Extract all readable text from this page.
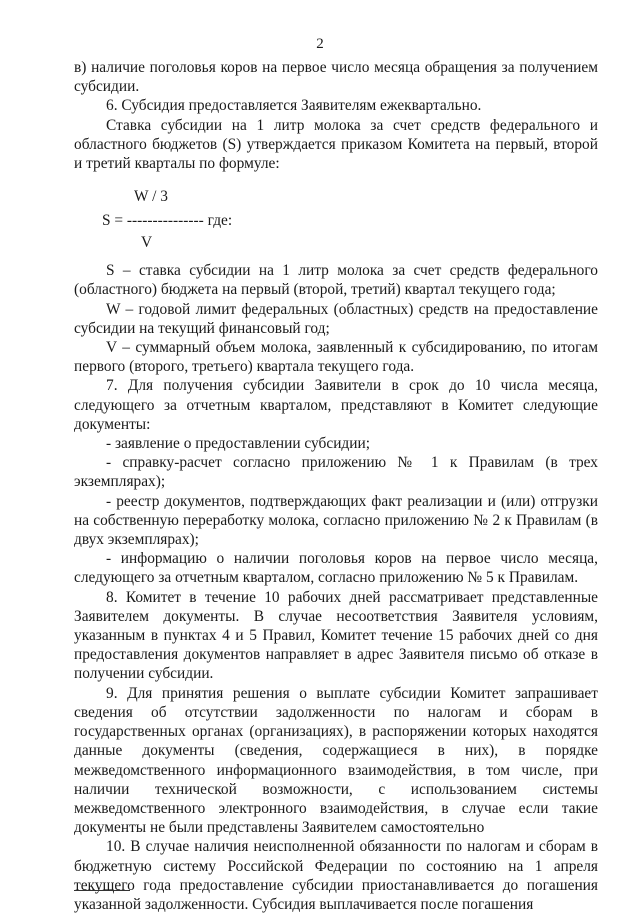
2

в) наличие поголовья коров на первое число месяца обращения за получением субсидии.

6. Субсидия предоставляется Заявителям ежеквартально.

Ставка субсидии на 1 литр молока за счет средств федерального и областного бюджетов (S) утверждается приказом Комитета на первый, второй и третий кварталы по формуле:

W / 3
S = --------------- где:
V

S – ставка субсидии на 1 литр молока за счет средств федерального (областного) бюджета на первый (второй, третий) квартал текущего года;

W – годовой лимит федеральных (областных) средств на предоставление субсидии на текущий финансовый год;

V – суммарный объем молока, заявленный к субсидированию, по итогам первого (второго, третьего) квартала текущего года.

7. Для получения субсидии Заявители в срок до 10 числа месяца, следующего за отчетным кварталом, представляют в Комитет следующие документы:

- заявление о предоставлении субсидии;

- справку-расчет согласно приложению № 1 к Правилам (в трех экземплярах);

- реестр документов, подтверждающих факт реализации и (или) отгрузки на собственную переработку молока, согласно приложению № 2 к Правилам (в двух экземплярах);

- информацию о наличии поголовья коров на первое число месяца, следующего за отчетным кварталом, согласно приложению № 5 к Правилам.

8. Комитет в течение 10 рабочих дней рассматривает представленные Заявителем документы. В случае несоответствия Заявителя условиям, указанным в пунктах 4 и 5 Правил, Комитет течение 15 рабочих дней со дня предоставления документов направляет в адрес Заявителя письмо об отказе в получении субсидии.

9. Для принятия решения о выплате субсидии Комитет запрашивает сведения об отсутствии задолженности по налогам и сборам в государственных органах (организациях), в распоряжении которых находятся данные документы (сведения, содержащиеся в них), в порядке межведомственного информационного взаимодействия, в том числе, при наличии технической возможности, с использованием системы межведомственного электронного взаимодействия, в случае если такие документы не были представлены Заявителем самостоятельно

10. В случае наличия неисполненной обязанности по налогам и сборам в бюджетную систему Российской Федерации по состоянию на 1 апреля текущего года предоставление субсидии приостанавливается до погашения указанной задолженности. Субсидия выплачивается после погашения
